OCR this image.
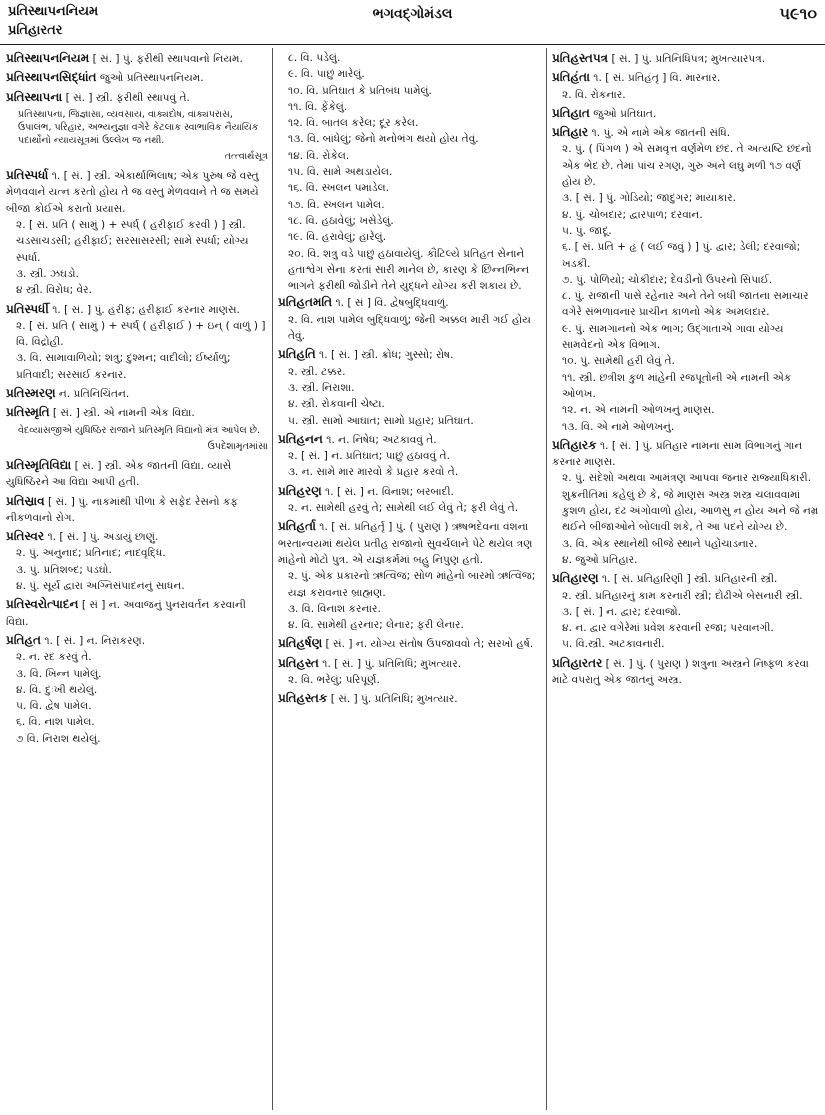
પ્રતિસ્થાપનનિયમ
પ્રતિહારતર
ભગવદ્ગોમંડલ	૫૯૧૦

પ્રતિસ્થાપનનિયમ [ સં. ] પું. ફરીથી સ્થાપવાનો નિયમ.

પ્રતિસ્થાપનસિદ્ધાંત જુઓ પ્રતિસ્થાપનનિયમ.

પ્રતિસ્થાપના [ સં. ] સ્ત્રી. ફરીથી સ્થાપવું તે.

પ્રતિસ્થાપના, જિજ્ઞાસા, વ્યવસાય, વાક્યદોષ, વાક્યપરાસ, ઉપાલંભ, પરિહાર, અભ્યનુજ્ઞા વગેરે કેટલાક સ્વાભાવિક નૈયાયિક પદાર્થોનો ન્યાયસૂત્રમાં ઉલ્લેખ જ નથી.

તત્ત્વાર્થસૂત્ર

પ્રતિસ્પર્ધા ૧. [ સં. ] સ્ત્રી. એકાર્થાભિલાષ; એક પુરુષ જે વસ્તુ મેળવવાને યત્ન કરતો હોય તે જ વસ્તુ મેળવવાને તે જ સમયે બીજા કોઈએ કરાતો પ્રયાસ.

૨. [ સં. પ્રતિ ( સામું ) + સ્પર્ધ્ ( હરીફાઈ કરવી ) ] સ્ત્રી. ચડસાચડસી; હરીફાઈ; સરસાસરસી; સામે સ્પર્ધા; યોગ્ય સ્પર્ધા.

૩. સ્ત્રી. ઝઘડો.

૪ સ્ત્રી. વિરોધ; વેર.

પ્રતિસ્પર્ધી ૧. [ સં. ] પું. હરીફ; હરીફાઈ કરનાર માણસ.

૨. [ સં. પ્રતિ ( સામું ) + સ્પર્ધ્ ( હરીફાઈ ) + ઇન્ ( વાળું ) ] વિ. વિદ્રોહી.

૩. વિ. સામાવાળિયો; શત્રુ; દુશ્મન; વાદીલો; ઈર્ષ્યાળુ; પ્રતિવાદી; સરસાઈ કરનાર.

પ્રતિસ્મરણ ન. પ્રતિનિચિંતન.

પ્રતિસ્મૃતિ [ સં. ] સ્ત્રી. એ નામની એક વિદ્યા.

વેદવ્યાસજીએ યુધિષ્ઠિર રાજાને પ્રતિસ્મૃતિ વિદ્યાનો મંત્ર આપેલ છે.

ઉપદેશામૃતમાંસા

પ્રતિસ્મૃતિવિદ્યા [ સં. ] સ્ત્રી. એક જાતની વિદ્યા. વ્યાસે યુધિષ્ઠિરને આ વિદ્યા આપી હતી.

પ્રતિસ્રાવ [ સં. ] પું. નાકમાંથી પીળા કે સફેદ રેસનો કફ નીકળવાનો રોગ.

પ્રતિસ્વર ૧. [ સં. ] પું. અડાયું છાણું.

૨. પું. અનુનાદ; પ્રતિનાદ; નાદવૃદ્ધિ.

૩. પું. પ્રતિશબ્દ; પડઘો.

૪. પું. સૂર્ય દ્વારા અગ્નિસંપાદનનું સાધન.

પ્રતિસ્વરોત્પાદન [ સં ] ન. અવાજનું પુનરાવર્તન કરવાની વિદ્યા.

પ્રતિહત ૧. [ સં. ] ન. નિરાકરણ.

૨. ન. રદ કરવું તે.

૩. વિ. ખિન્ન પામેલું.

૪. વિ. દુઃખી થયેલું.

૫. વિ. દ્વેષ પામેલ.

૬. વિ. નાશ પામેલ.

૭ વિ. નિરાશ થયેલું.

૮. વિ. પડેલું.

૯. વિ. પાછું મારેલું.

૧૦. વિ. પ્રતિઘાત કે પ્રતિબંધ પામેલું.

૧૧. વિ. ફેંકેલું.

૧૨. વિ. બાતલ કરેલ; દૂર કરેલ.

૧૩. વિ. બાંધેલું; જેનો મનોભંગ થયો હોય તેવું.

૧૪. વિ. રોકેલ.

૧૫. વિ. સામે અથડાયેલ.

૧૬. વિ. સ્ખલન પમાડેલ.

૧૭. વિ. સ્ખલન પામેલ.

૧૮. વિ. હઠાવેલું; ખસેડેલું.

૧૯. વિ. હરાવેલું; હારેલું.

૨૦. વિ. શત્રુ વડે પાછું હઠાવાયેલું. કૌટિલ્યે પ્રતિહત સેનાને હતાશ્વેગ સેના કરતાં સારી માનેલ છે, કારણ કે છિન્નભિન્ન ભાગને ફરીથી જોડીને તેને યુદ્ધને યોગ્ય કરી શકાય છે.

પ્રતિહતમતિ ૧. [ સં ] વિ. દ્વેષબુદ્ધિવાળું.

૨. વિ. નાશ પામેલ બુદ્ધિવાળું; જેની અક્કલ મારી ગઈ હોય તેવું.

પ્રતિહતિ ૧. [ સં. ] સ્ત્રી. ક્રોધ; ગુસ્સો; રોષ.

૨. સ્ત્રી. ટક્કર.

૩. સ્ત્રી. નિરાશા.

૪. સ્ત્રી. રોકવાની ચેષ્ટા.

૫. સ્ત્રી. સામો આઘાત; સામો પ્રહાર; પ્રતિઘાત.

પ્રતિહનન ૧. ન. નિષેધ; અટકાવવું તે.

૨. [ સં. ] ન. પ્રતિઘાત; પાછું હઠાવવું તે.

૩. ન. સામે માર મારવો કે પ્રહાર કરવો તે.

પ્રતિહરણ ૧. [ સં. ] ન. વિનાશ; બરબાદી.

૨. ન. સામેથી હરવું તે; સામેથી લઈ લેવું તે; ફરી લેવું તે.

પ્રતિહર્તા ૧. [ સં. પ્રતિહર્તૃ ] પું. ( પુરાણ ) ઋષભદેવના વંશના ભરતાન્વયમાં થયેલ પ્રતીહ રાજાનો સુવર્ચલાને પેટે થયેલ ત્રણ માંહેનો મોટો પુત્ર. એ યજ્ઞકર્મમાં બહુ નિપુણ હતો.

૨. પું. એક પ્રકારનો ઋત્વિજ; સોળ માંહેનો બારમો ઋત્વિજ; યજ્ઞ કરાવનાર બ્રાહ્મણ.

૩. વિ. વિનાશ કરનાર.

૪. વિ. સામેથી હરનાર; લેનાર; ફરી લેનાર.

પ્રતિહર્ષણ [ સં. ] ન. યોગ્ય સંતોષ ઉપજાવવો તે; સરખો હર્ષ.

પ્રતિહસ્ત ૧. [ સં. ] પું. પ્રતિનિધિ; મુખત્યાર.

૨. વિ. ભરેલું; પરિપૂર્ણ.

પ્રતિહસ્તક [ સં. ] પું. પ્રતિનિધિ; મુખત્યાર.

પ્રતિહસ્તપત્ર [ સં. ] પું. પ્રતિનિધિપત્ર; મુખત્યારપત્ર.

પ્રતિહંતા ૧. [ સં. પ્રતિહંતૃ ] વિ. મારનાર.

૨. વિ. રોકનાર.

પ્રતિહાત જુઓ પ્રતિઘાત.

પ્રતિહાર ૧. પું. એ નામે એક જાતની સંધિ.

૨. પું. ( પિંગળ ) એ સમવૃત્ત વર્ણમેળ છંદ. તે અત્યષ્ટિ છંદનો એક ભેદ છે. તેમાં પાંચ રગણ, ગુરુ અને લઘુ મળી ૧૭ વર્ણ હોય છે.

૩. [ સં. ] પું. ગોડિયો; જાદુગર; માયાકાર.

૪. પું. ચોબદાર; દ્વારપાળ; દરવાન.

૫. પું. જાદૂ.

૬. [ સં. પ્રતિ + હૃ ( લઈ જવું ) ] પું. દ્વાર; ડેલી; દરવાજો; ખડકી.

૭. પું. પોળિયો; ચોકીદાર; દેવડીનો ઉપરનો સિપાઈ.

૮. પું. રાજાની પાસે રહેનાર અને તેને બધી જાતના સમાચાર વગેરે સંભળાવનાર પ્રાચીન કાળનો એક અમલદાર.

૯. પું. સામગાનનો એક ભાગ; ઉદ્ગાતાએ ગાવા યોગ્ય સામવેદનો એક વિભાગ.

૧૦. પું. સામેથી હરી લેવું તે.

૧૧. સ્ત્રી. છત્રીશ કુળ માંહેની રજપૂતોની એ નામની એક ઓળખ.

૧૨. ન. એ નામની ઓળખનું માણસ.

૧૩. વિ. એ નામે ઓળખનું.

પ્રતિહારક ૧. [ સં. ] પું. પ્રતિહાર નામના સામ વિભાગનું ગાન કરનાર માણસ.

૨. પું. સંદેશો અથવા આમંત્રણ આપવા જનાર રાજ્યાધિકારી. શુક્રનીતિમાં કહેલું છે કે, જે માણસ અસ્ત્ર શસ્ત્ર ચલાવવામાં કુશળ હોય, દઢ અંગોવાળો હોય, આળસુ ન હોય અને જે નમ્ર થઈને બીજાઓને બોલાવી શકે, તે આ પદને યોગ્ય છે.

૩. વિ. એક સ્થાનેથી બીજે સ્થાને પહોંચાડનાર.

૪. જુઓ પ્રતિહાર.

પ્રતિહારણ ૧. [ સં. પ્રતિહારિણી ] સ્ત્રી. પ્રતિહારની સ્ત્રી.

૨. સ્ત્રી. પ્રતિહારનું કામ કરનારી સ્ત્રી; દોઢીએ બેસનારી સ્ત્રી.

૩. [ સં. ] ન. દ્વાર; દરવાજો.

૪. ન. દ્વાર વગેરેમાં પ્રવેશ કરવાની રજા; પરવાનગી.

૫. વિ.સ્ત્રી. અટકાવનારી.

પ્રતિહારતર [ સં. ] પું. ( પુરાણ ) શત્રુના અસ્ત્રને નિષ્ફળ કરવા માટે વપરાતું એક જાતનું અસ્ત્ર.
